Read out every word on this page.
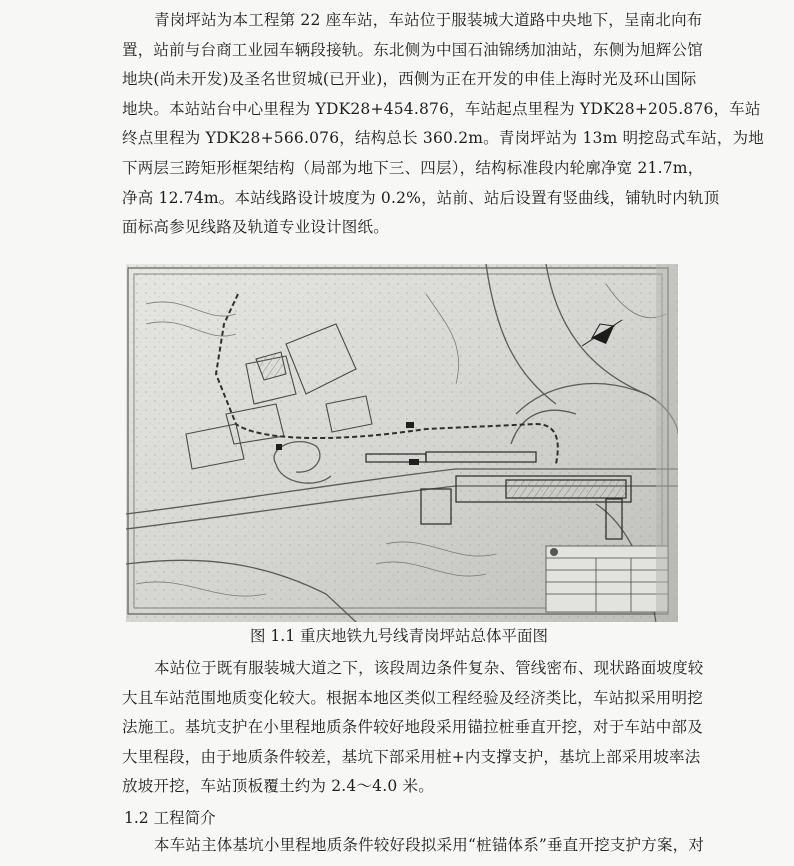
青岗坪站为本工程第 22 座车站，车站位于服装城大道路中央地下，呈南北向布
置，站前与台商工业园车辆段接轨。东北侧为中国石油锦绣加油站，东侧为旭辉公馆
地块(尚未开发)及圣名世贸城(已开业)，西侧为正在开发的申佳上海时光及环山国际
地块。本站站台中心里程为 YDK28+454.876，车站起点里程为 YDK28+205.876，车站
终点里程为 YDK28+566.076，结构总长 360.2m。青岗坪站为 13m 明挖岛式车站，为地
下两层三跨矩形框架结构（局部为地下三、四层），结构标准段内轮廓净宽 21.7m，
净高 12.74m。本站线路设计坡度为 0.2%，站前、站后设置有竖曲线，铺轨时内轨顶
面标高参见线路及轨道专业设计图纸。

图 1.1 重庆地铁九号线青岗坪站总体平面图

本站位于既有服装城大道之下，该段周边条件复杂、管线密布、现状路面坡度较
大且车站范围地质变化较大。根据本地区类似工程经验及经济类比，车站拟采用明挖
法施工。基坑支护在小里程地质条件较好地段采用锚拉桩垂直开挖，对于车站中部及
大里程段，由于地质条件较差，基坑下部采用桩+内支撑支护，基坑上部采用坡率法
放坡开挖，车站顶板覆土约为 2.4～4.0 米。

1.2 工程简介

本车站主体基坑小里程地质条件较好段拟采用“桩锚体系”垂直开挖支护方案，对
